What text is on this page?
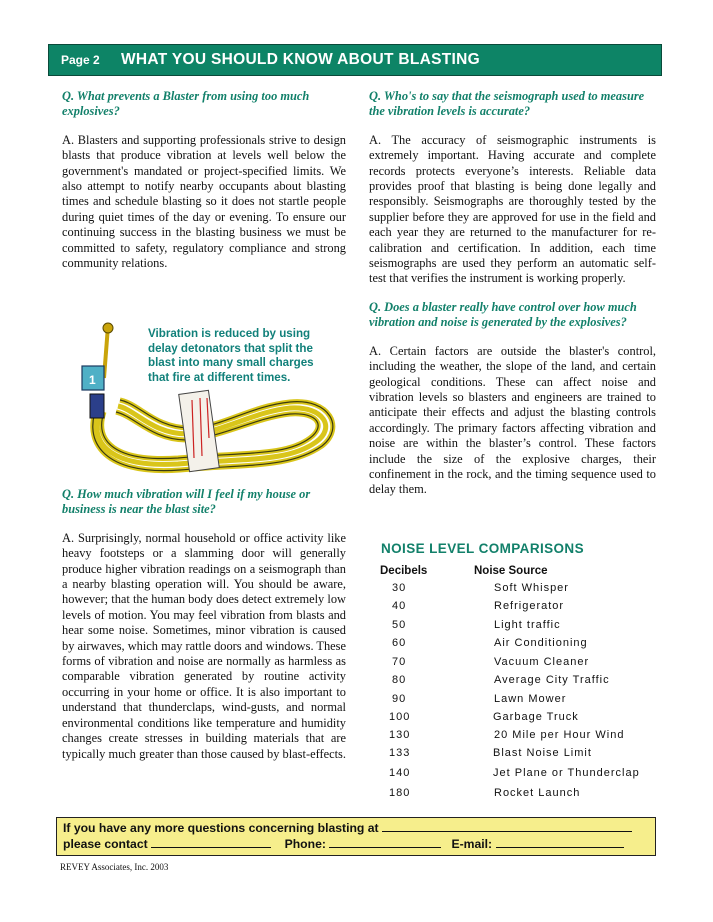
Page 2	WHAT YOU SHOULD KNOW ABOUT BLASTING
Q. What prevents a Blaster from using too much explosives?
A. Blasters and supporting professionals strive to design blasts that produce vibration at levels well below the government's mandated or project-specified limits. We also attempt to notify nearby occupants about blasting times and schedule blasting so it does not startle people during quiet times of the day or evening. To ensure our continuing success in the blasting business we must be committed to safety, regulatory compliance and strong community relations.
1
Vibration is reduced by using delay detonators that split the blast into many small charges that fire at different times.
Q. How much vibration will I feel if my house or business is near the blast site?
A. Surprisingly, normal household or office activity like heavy footsteps or a slamming door will generally produce higher vibration readings on a seismograph than a nearby blasting operation will. You should be aware, however; that the human body does detect extremely low levels of motion. You may feel vibration from blasts and hear some noise. Sometimes, minor vibration is caused by airwaves, which may rattle doors and windows. These forms of vibration and noise are normally as harmless as comparable vibration generated by routine activity occurring in your home or office. It is also important to understand that thunderclaps, wind-gusts, and normal environmental conditions like temperature and humidity changes create stresses in building materials that are typically much greater than those caused by blast-effects.
Q. Who's to say that the seismograph used to measure the vibration levels is accurate?
A. The accuracy of seismographic instruments is extremely important. Having accurate and complete records protects everyone’s interests. Reliable data provides proof that blasting is being done legally and responsibly. Seismographs are thoroughly tested by the supplier before they are approved for use in the field and each year they are returned to the manufacturer for re-calibration and certification. In addition, each time seismographs are used they perform an automatic self-test that verifies the instrument is working properly.
Q. Does a blaster really have control over how much vibration and noise is generated by the explosives?
A. Certain factors are outside the blaster's control, including the weather, the slope of the land, and certain geological conditions. These can affect noise and vibration levels so blasters and engineers are trained to anticipate their effects and adjust the blasting controls accordingly. The primary factors affecting vibration and noise are within the blaster’s control. These factors include the size of the explosive charges, their confinement in the rock, and the timing sequence used to delay them.
NOISE LEVEL COMPARISONS
Decibels	Noise Source
30	Soft Whisper
40	Refrigerator
50	Light traffic
60	Air Conditioning
70	Vacuum Cleaner
80	Average City Traffic
90	Lawn Mower
100	Garbage Truck
130	20 Mile per Hour Wind
133	Blast Noise Limit
140	Jet Plane or Thunderclap
180	Rocket Launch
If you have any more questions concerning blasting at
please contact	Phone:	E-mail:
REVEY Associates, Inc. 2003
